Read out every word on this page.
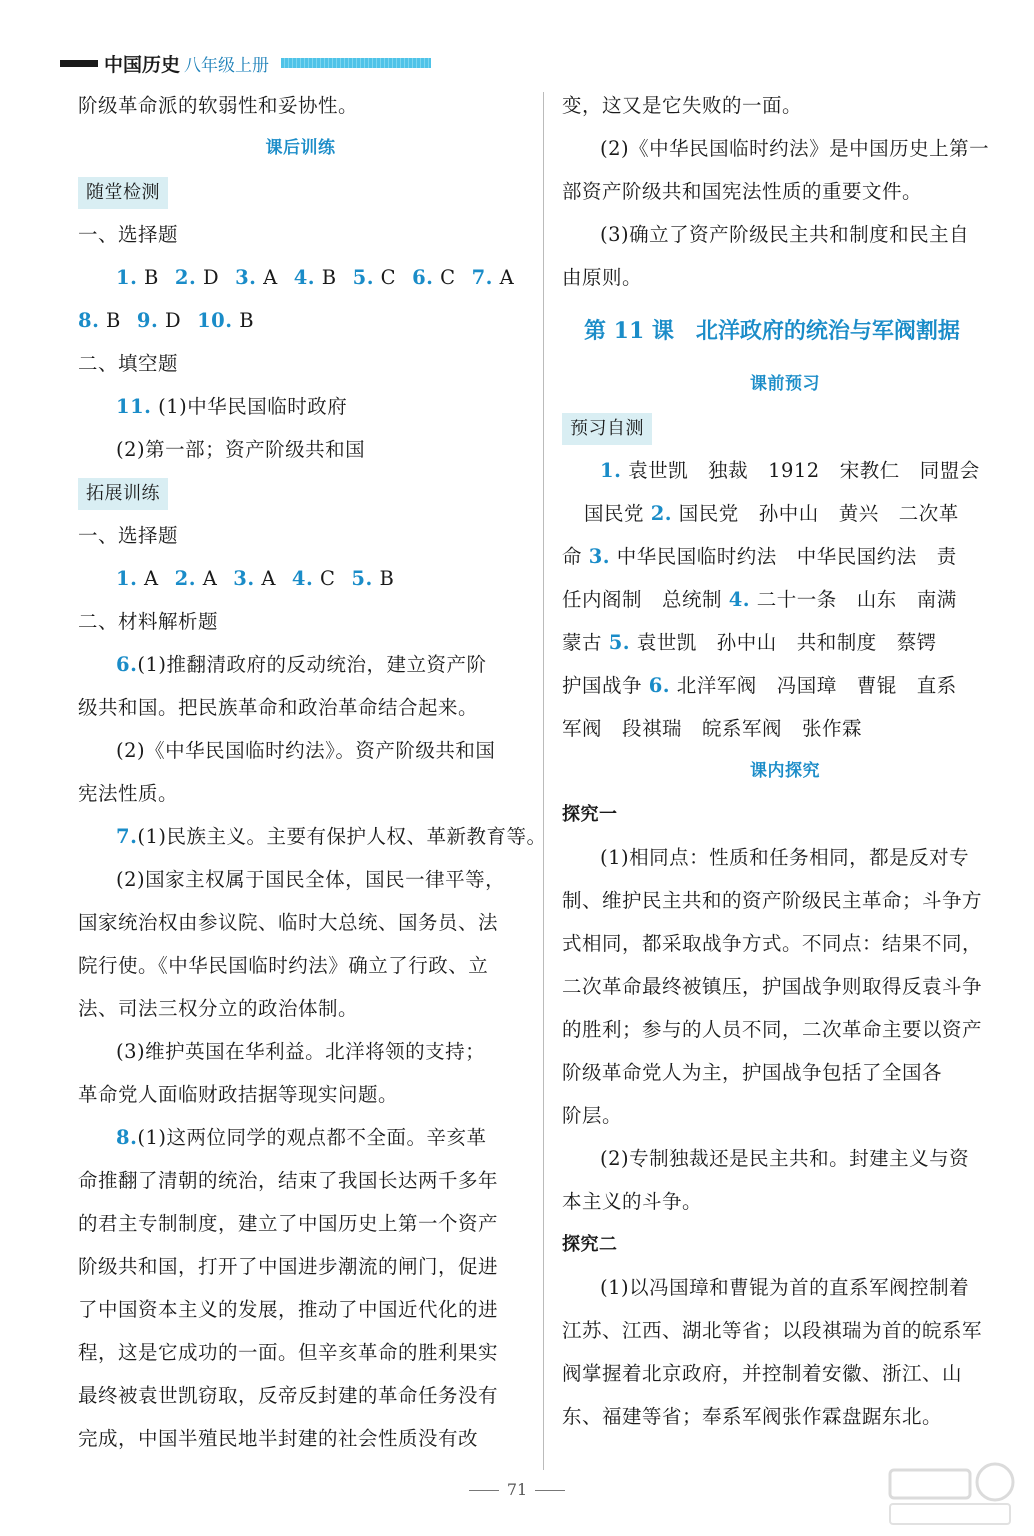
中国历史 八年级上册
阶级革命派的软弱性和妥协性。
课后训练
随堂检测
一、选择题
1. B 2. D 3. A 4. B 5. C 6. C 7. A
8. B 9. D 10. B
二、填空题
11. (1)中华民国临时政府
(2)第一部；资产阶级共和国
拓展训练
一、选择题
1. A 2. A 3. A 4. C 5. B
二、材料解析题
6.(1)推翻清政府的反动统治，建立资产阶
级共和国。把民族革命和政治革命结合起来。
(2)《中华民国临时约法》。资产阶级共和国
宪法性质。
7.(1)民族主义。主要有保护人权、革新教育等。
(2)国家主权属于国民全体，国民一律平等，
国家统治权由参议院、临时大总统、国务员、法
院行使。《中华民国临时约法》确立了行政、立
法、司法三权分立的政治体制。
(3)维护英国在华利益。北洋将领的支持；
革命党人面临财政拮据等现实问题。
8.(1)这两位同学的观点都不全面。辛亥革
命推翻了清朝的统治，结束了我国长达两千多年
的君主专制制度，建立了中国历史上第一个资产
阶级共和国，打开了中国进步潮流的闸门，促进
了中国资本主义的发展，推动了中国近代化的进
程，这是它成功的一面。但辛亥革命的胜利果实
最终被袁世凯窃取，反帝反封建的革命任务没有
完成，中国半殖民地半封建的社会性质没有改
变，这又是它失败的一面。
(2)《中华民国临时约法》是中国历史上第一
部资产阶级共和国宪法性质的重要文件。
(3)确立了资产阶级民主共和制度和民主自
由原则。
第 11 课　北洋政府的统治与军阀割据
课前预习
预习自测
1. 袁世凯　独裁　1912　宋教仁　同盟会
国民党 2. 国民党　孙中山　黄兴　二次革
命 3. 中华民国临时约法　中华民国约法　责
任内阁制　总统制 4. 二十一条　山东　南满
蒙古 5. 袁世凯　孙中山　共和制度　蔡锷
护国战争 6. 北洋军阀　冯国璋　曹锟　直系
军阀　段祺瑞　皖系军阀　张作霖
课内探究
探究一
(1)相同点：性质和任务相同，都是反对专
制、维护民主共和的资产阶级民主革命；斗争方
式相同，都采取战争方式。不同点：结果不同，
二次革命最终被镇压，护国战争则取得反袁斗争
的胜利；参与的人员不同，二次革命主要以资产
阶级革命党人为主，护国战争包括了全国各
阶层。
(2)专制独裁还是民主共和。封建主义与资
本主义的斗争。
探究二
(1)以冯国璋和曹锟为首的直系军阀控制着
江苏、江西、湖北等省；以段祺瑞为首的皖系军
阀掌握着北京政府，并控制着安徽、浙江、山
东、福建等省；奉系军阀张作霖盘踞东北。
71
